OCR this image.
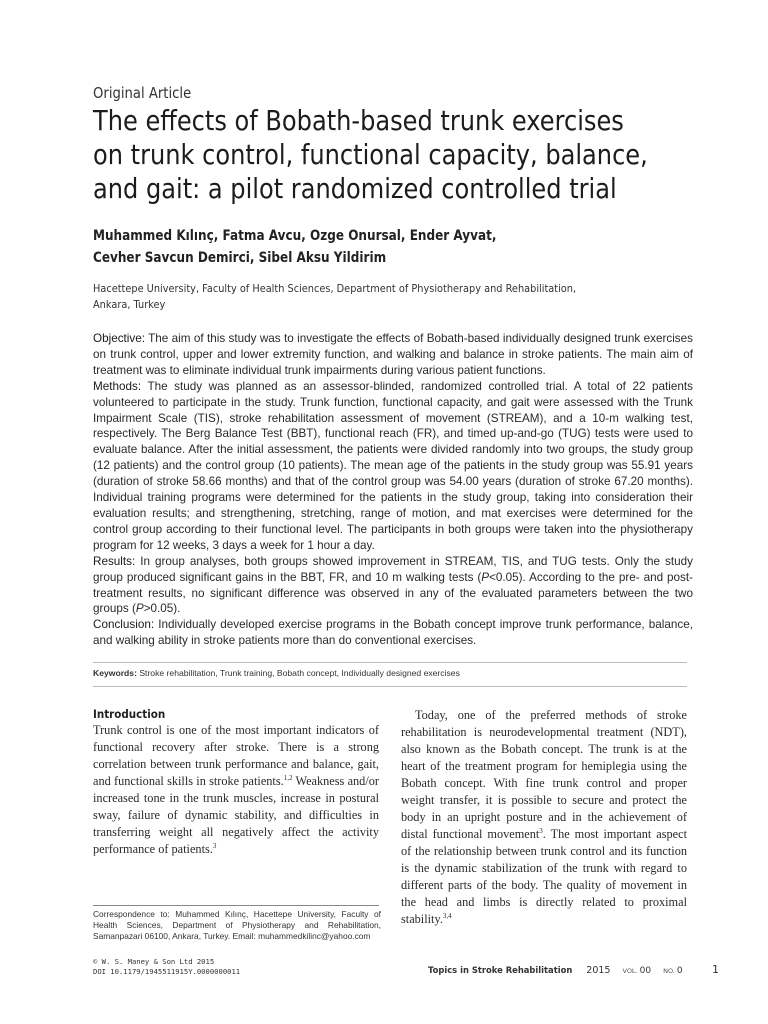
Original Article
The effects of Bobath-based trunk exercises
on trunk control, functional capacity, balance,
and gait: a pilot randomized controlled trial
Muhammed Kılınç, Fatma Avcu, Ozge Onursal, Ender Ayvat,
Cevher Savcun Demirci, Sibel Aksu Yildirim
Hacettepe University, Faculty of Health Sciences, Department of Physiotherapy and Rehabilitation,
Ankara, Turkey

Objective: The aim of this study was to investigate the effects of Bobath-based individually designed trunk exercises on trunk control, upper and lower extremity function, and walking and balance in stroke patients. The main aim of treatment was to eliminate individual trunk impairments during various patient functions.

Methods: The study was planned as an assessor-blinded, randomized controlled trial. A total of 22 patients volunteered to participate in the study. Trunk function, functional capacity, and gait were assessed with the Trunk Impairment Scale (TIS), stroke rehabilitation assessment of movement (STREAM), and a 10-m walking test, respectively. The Berg Balance Test (BBT), functional reach (FR), and timed up-and-go (TUG) tests were used to evaluate balance. After the initial assessment, the patients were divided randomly into two groups, the study group (12 patients) and the control group (10 patients). The mean age of the patients in the study group was 55.91 years (duration of stroke 58.66 months) and that of the control group was 54.00 years (duration of stroke 67.20 months). Individual training programs were determined for the patients in the study group, taking into consideration their evaluation results; and strengthening, stretching, range of motion, and mat exercises were determined for the control group according to their functional level. The participants in both groups were taken into the physiotherapy program for 12 weeks, 3 days a week for 1 hour a day.

Results: In group analyses, both groups showed improvement in STREAM, TIS, and TUG tests. Only the study group produced significant gains in the BBT, FR, and 10 m walking tests (P<0.05). According to the pre- and post-treatment results, no significant difference was observed in any of the evaluated parameters between the two groups (P>0.05).

Conclusion: Individually developed exercise programs in the Bobath concept improve trunk performance, balance, and walking ability in stroke patients more than do conventional exercises.

Keywords: Stroke rehabilitation, Trunk training, Bobath concept, Individually designed exercises
Introduction

Trunk control is one of the most important indicators of functional recovery after stroke. There is a strong correlation between trunk performance and balance, gait, and functional skills in stroke patients.$^{1,2}$ Weakness and/or increased tone in the trunk muscles, increase in postural sway, failure of dynamic stability, and difficulties in transferring weight all negatively affect the activity performance of patients.$^3$

Today, one of the preferred methods of stroke rehabilitation is neurodevelopmental treatment (NDT), also known as the Bobath concept. The trunk is at the heart of the treatment program for hemiplegia using the Bobath concept. With fine trunk control and proper weight transfer, it is possible to secure and protect the body in an upright posture and in the achievement of distal functional movement$^3$. The most important aspect of the relationship between trunk control and its function is the dynamic stabilization of the trunk with regard to different parts of the body. The quality of movement in the head and limbs is directly related to proximal stability.$^{3,4}$

Correspondence to: Muhammed Kılınç, Hacettepe University, Faculty of Health Sciences, Department of Physiotherapy and Rehabilitation, Samanpazari 06100, Ankara, Turkey. Email: muhammedkilinc@yahoo.com
© W. S. Maney & Son Ltd 2015
DOI 10.1179/1945511915Y.0000000011	Topics in Stroke Rehabilitation 2015 VOL. 00 NO. 0	1
